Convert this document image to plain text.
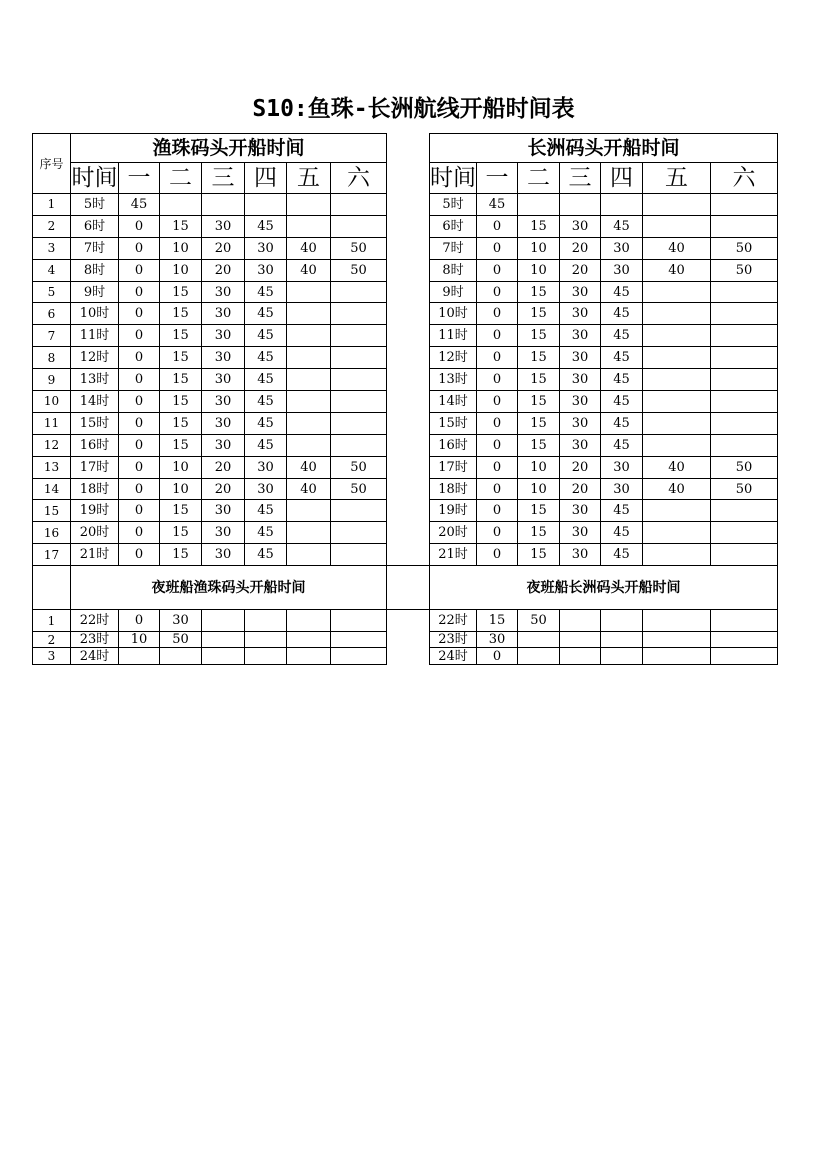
S10:鱼珠-长洲航线开船时间表
序号	渔珠码头开船时间								长洲码头开船时间						
	时间	一	二	三	四	五	六		时间	一	二	三	四	五	六
1	5时	45							5时	45					
2	6时	0	15	30	45				6时	0	15	30	45		
3	7时	0	10	20	30	40	50		7时	0	10	20	30	40	50
4	8时	0	10	20	30	40	50		8时	0	10	20	30	40	50
5	9时	0	15	30	45				9时	0	15	30	45		
6	10时	0	15	30	45				10时	0	15	30	45		
7	11时	0	15	30	45				11时	0	15	30	45		
8	12时	0	15	30	45				12时	0	15	30	45		
9	13时	0	15	30	45				13时	0	15	30	45		
10	14时	0	15	30	45				14时	0	15	30	45		
11	15时	0	15	30	45				15时	0	15	30	45		
12	16时	0	15	30	45				16时	0	15	30	45		
13	17时	0	10	20	30	40	50		17时	0	10	20	30	40	50
14	18时	0	10	20	30	40	50		18时	0	10	20	30	40	50
15	19时	0	15	30	45				19时	0	15	30	45		
16	20时	0	15	30	45				20时	0	15	30	45		
17	21时	0	15	30	45				21时	0	15	30	45		
	夜班船渔珠码头开船时间								夜班船长洲码头开船时间						
1	22时	0	30						22时	15	50				
2	23时	10	50						23时	30					
3	24时								24时	0					
